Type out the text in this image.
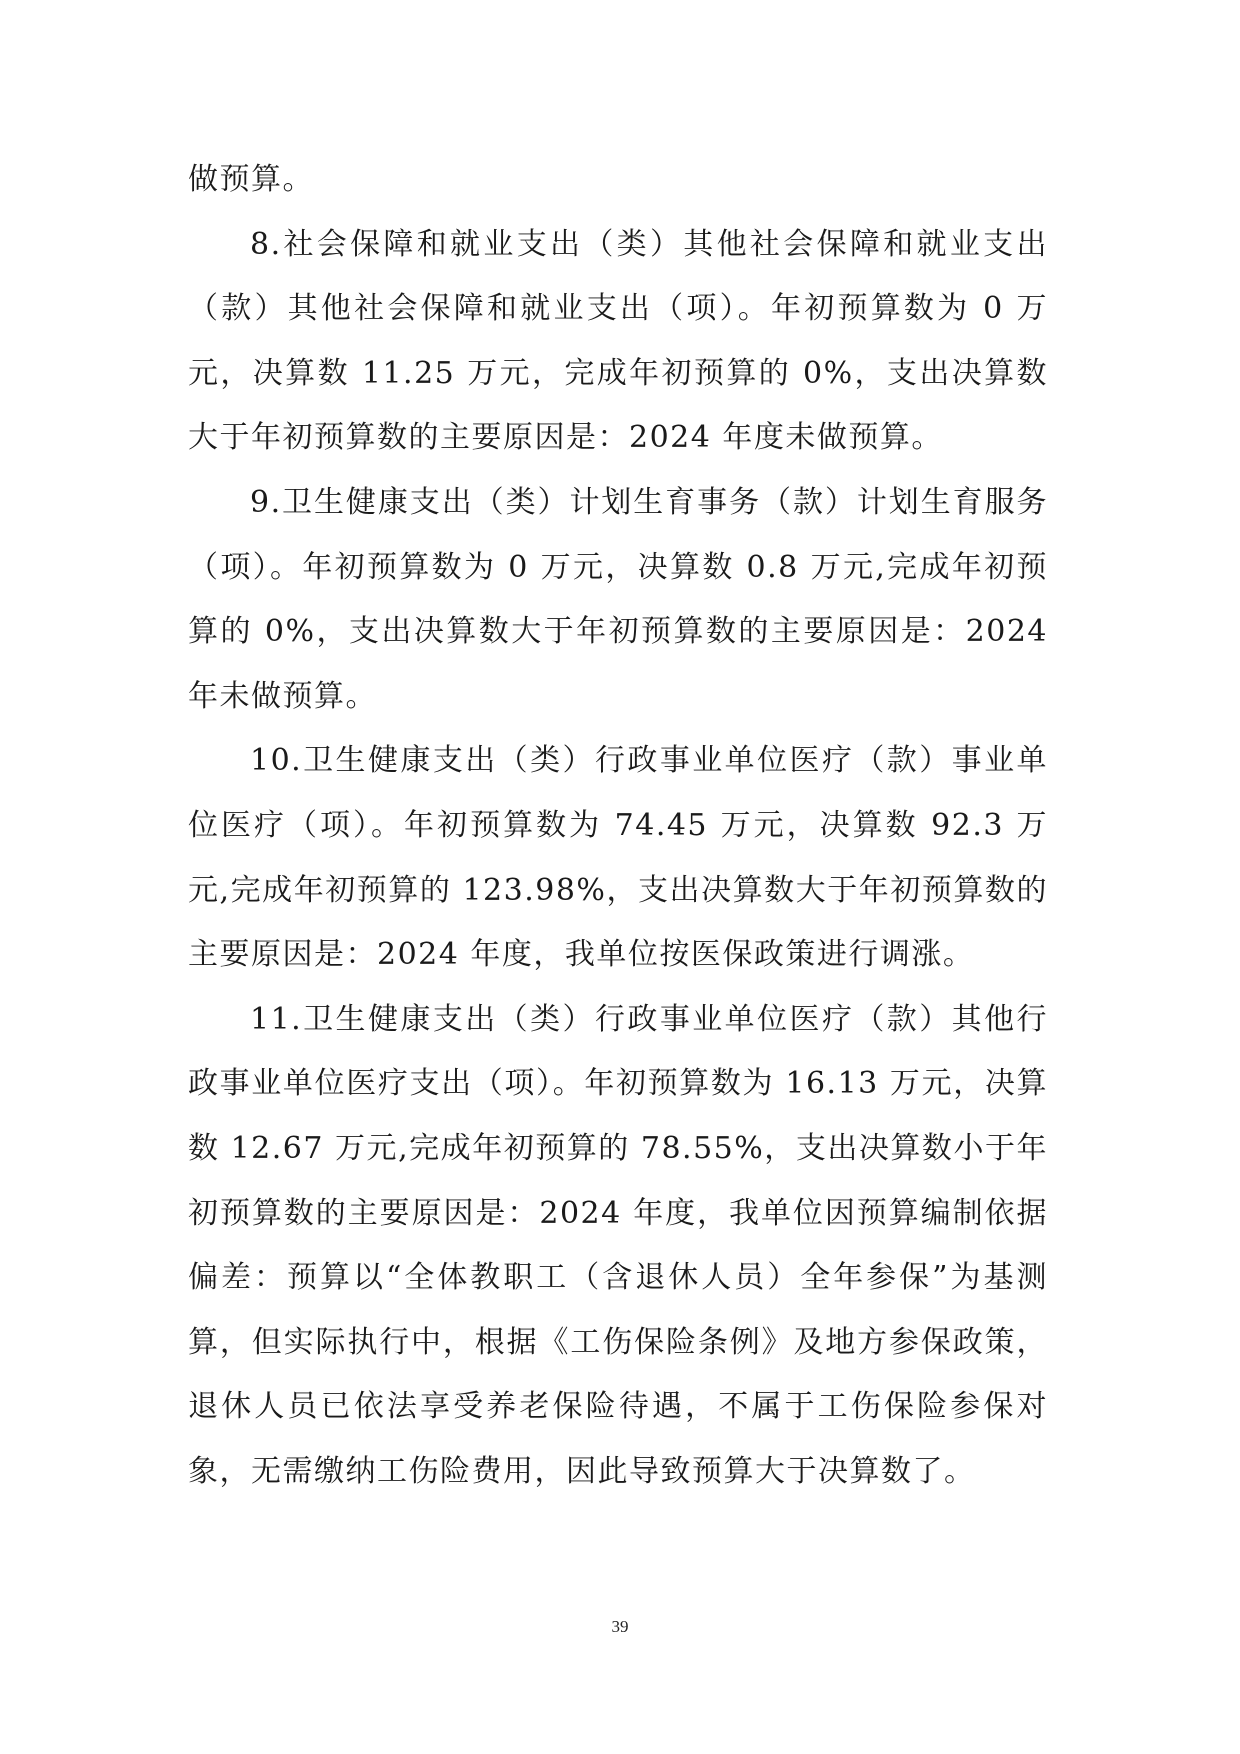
做预算。

8.社会保障和就业支出（类）其他社会保障和就业支出（款）其他社会保障和就业支出（项）。年初预算数为 0 万元，决算数 11.25 万元，完成年初预算的 0%，支出决算数大于年初预算数的主要原因是：2024 年度未做预算。

9.卫生健康支出（类）计划生育事务（款）计划生育服务（项）。年初预算数为 0 万元，决算数 0.8 万元,完成年初预算的 0%，支出决算数大于年初预算数的主要原因是：2024 年未做预算。

10.卫生健康支出（类）行政事业单位医疗（款）事业单位医疗（项）。年初预算数为 74.45 万元，决算数 92.3 万元,完成年初预算的 123.98%，支出决算数大于年初预算数的主要原因是：2024 年度，我单位按医保政策进行调涨。

11.卫生健康支出（类）行政事业单位医疗（款）其他行政事业单位医疗支出（项）。年初预算数为 16.13 万元，决算数 12.67 万元,完成年初预算的 78.55%，支出决算数小于年初预算数的主要原因是：2024 年度，我单位因预算编制依据偏差：预算以“全体教职工（含退休人员）全年参保”为基测算，但实际执行中，根据《工伤保险条例》及地方参保政策，退休人员已依法享受养老保险待遇，不属于工伤保险参保对象，无需缴纳工伤险费用，因此导致预算大于决算数了。

39
